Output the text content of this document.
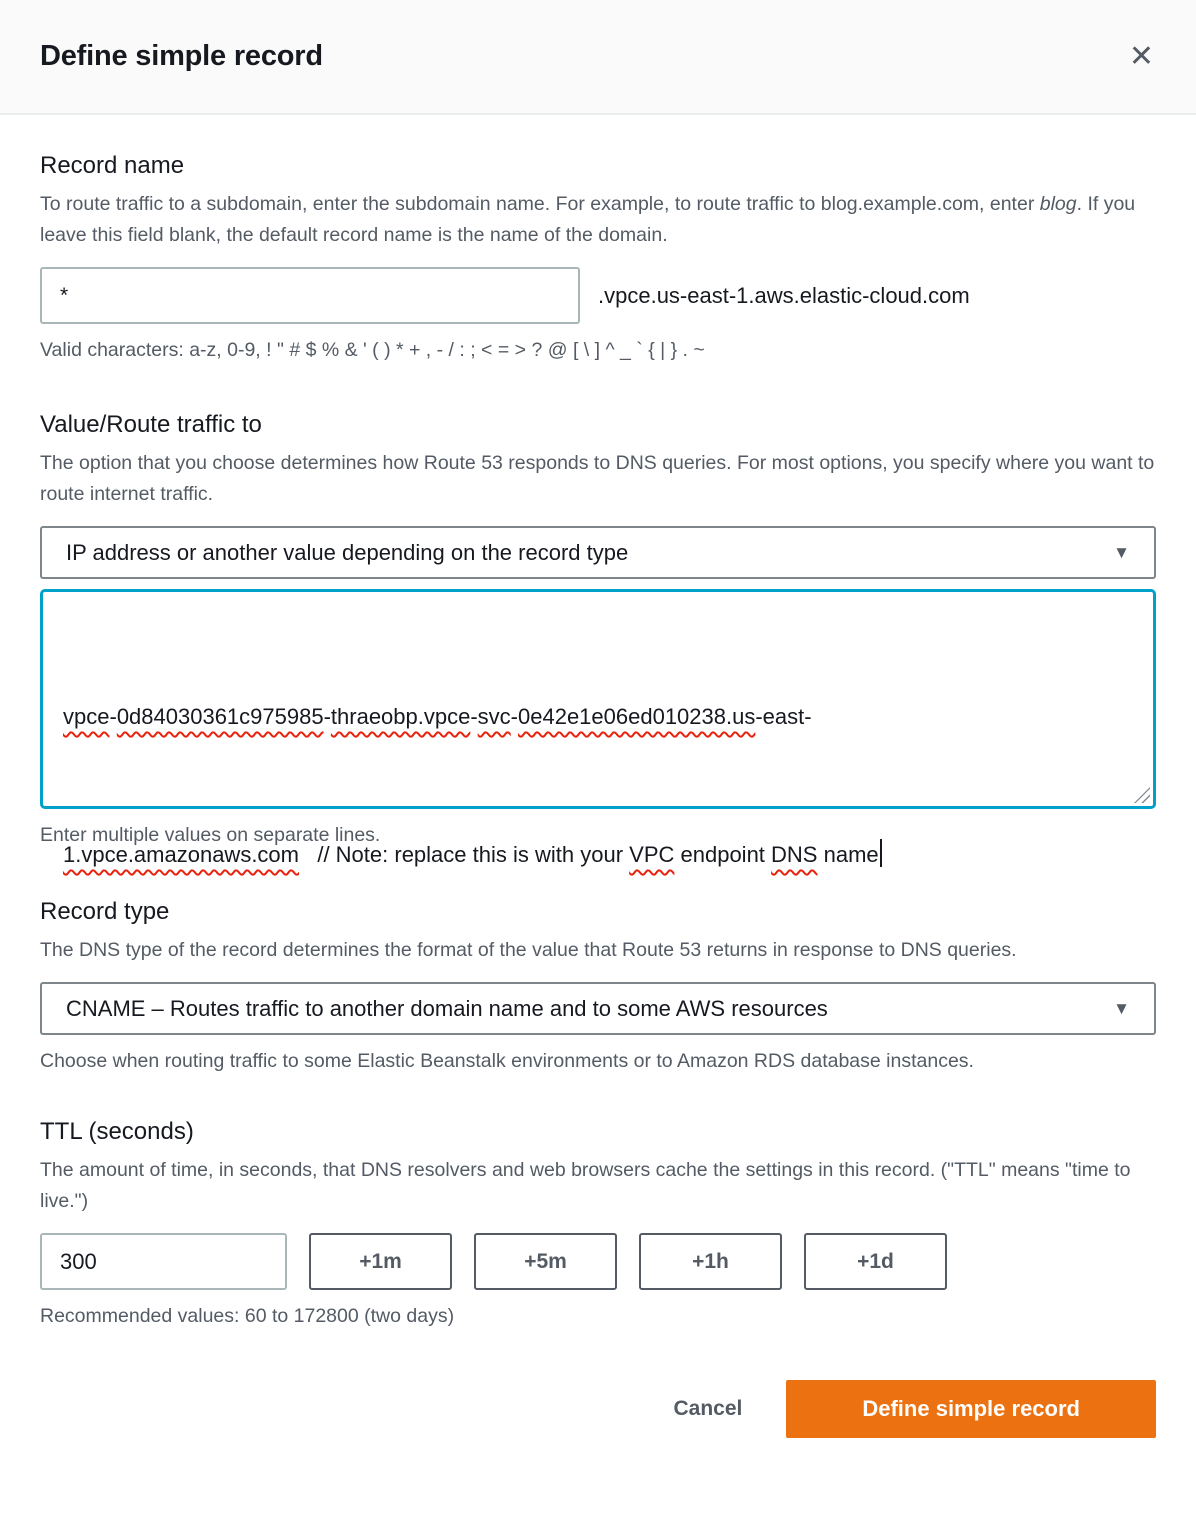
Define simple record	✕
Record name

To route traffic to a subdomain, enter the subdomain name. For example, to route traffic to blog.example.com, enter blog. If you leave this field blank, the default record name is the name of the domain.

*
.vpce.us-east-1.aws.elastic-cloud.com
Valid characters: a-z, 0-9, ! " # $ % & ' ( ) * + , - / : ; < = > ? @ [ \ ] ^ _ ` { | } . ~
Value/Route traffic to

The option that you choose determines how Route 53 responds to DNS queries. For most options, you specify where you want to route internet traffic.

IP address or another value depending on the record type	▼

vpce-0d84030361c975985-thraeobp.vpce-svc-0e42e1e06ed010238.us-east-

1.vpce.amazonaws.com   // Note: replace this is with your VPC endpoint DNS name

Enter multiple values on separate lines.
Record type

The DNS type of the record determines the format of the value that Route 53 returns in response to DNS queries.

CNAME – Routes traffic to another domain name and to some AWS resources	▼
Choose when routing traffic to some Elastic Beanstalk environments or to Amazon RDS database instances.
TTL (seconds)

The amount of time, in seconds, that DNS resolvers and web browsers cache the settings in this record. ("TTL" means "time to live.")

300
+1m	+5m	+1h	+1d
Recommended values: 60 to 172800 (two days)
Cancel	Define simple record
